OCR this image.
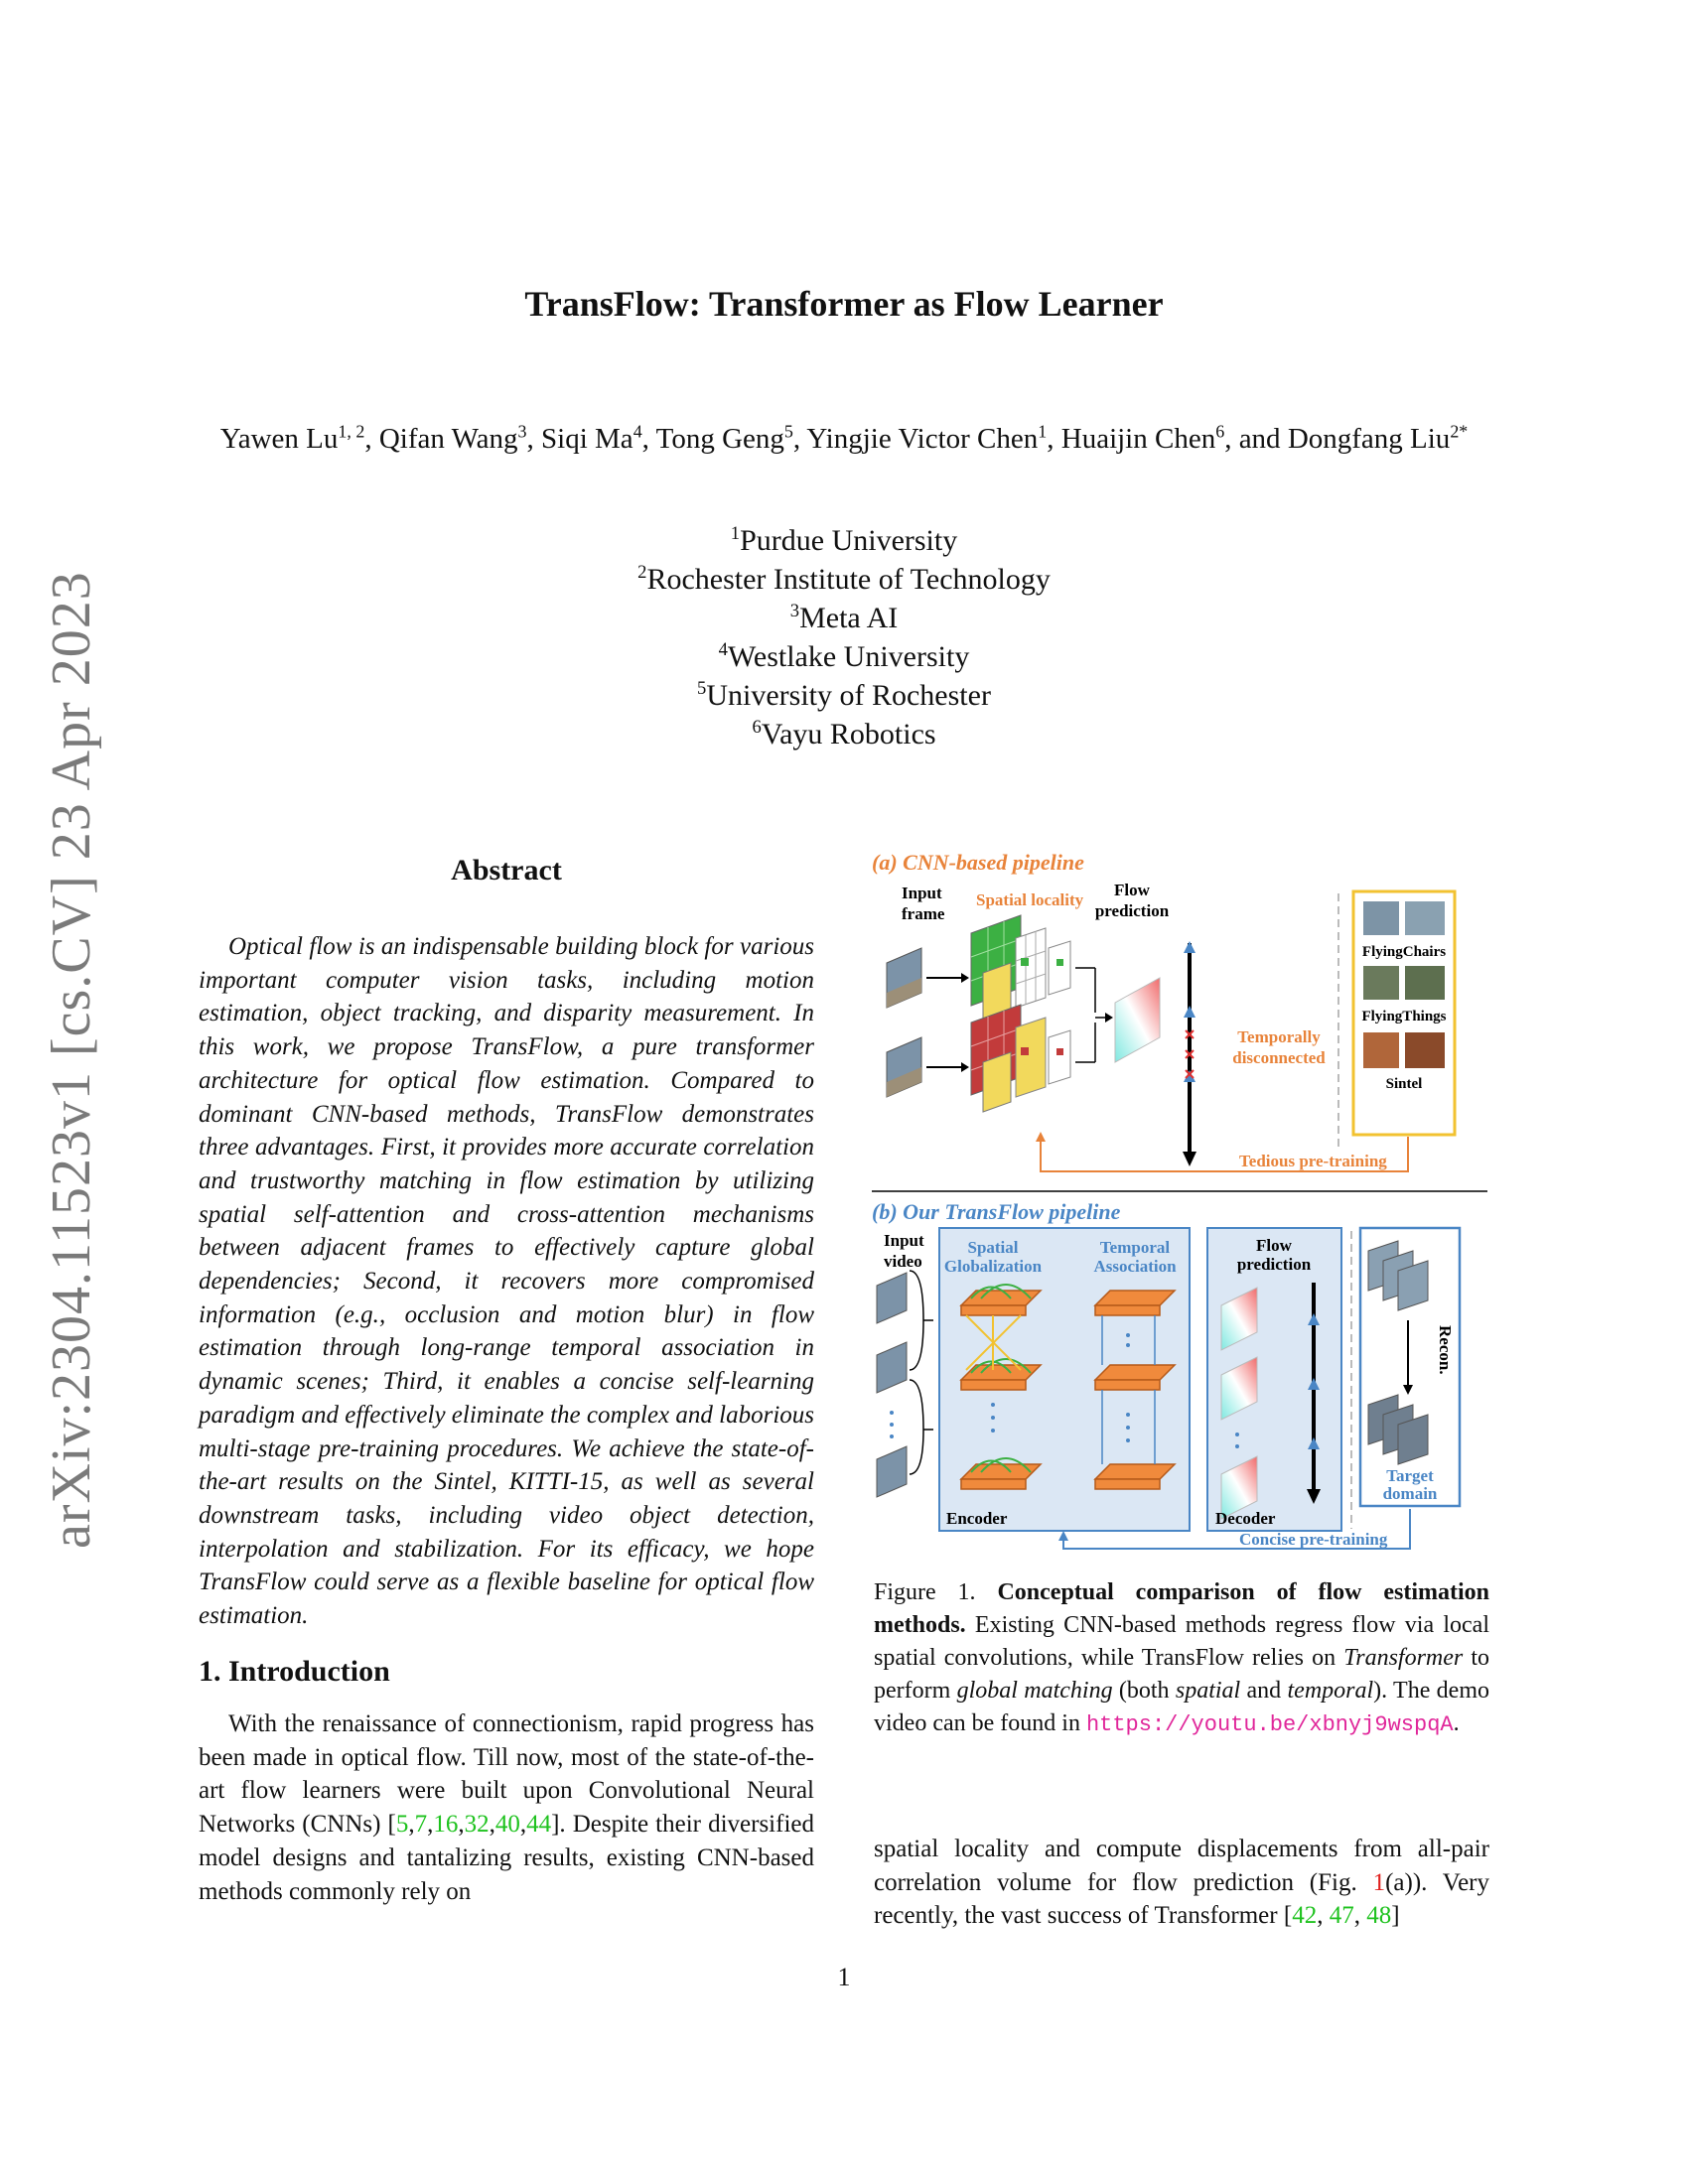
arXiv:2304.11523v1 [cs.CV] 23 Apr 2023
TransFlow: Transformer as Flow Learner
Yawen Lu$^{1, 2}$, Qifan Wang$^3$, Siqi Ma$^4$, Tong Geng$^5$, Yingjie Victor Chen$^1$, Huaijin Chen$^6$, and Dongfang Liu$^{2*}$
$^1$Purdue University
$^2$Rochester Institute of Technology
$^3$Meta AI
$^4$Westlake University
$^5$University of Rochester
$^6$Vayu Robotics
Abstract

Optical flow is an indispensable building block for various important computer vision tasks, including motion estimation, object tracking, and disparity measurement. In this work, we propose TransFlow, a pure transformer architecture for optical flow estimation. Compared to dominant CNN-based methods, TransFlow demonstrates three advantages. First, it provides more accurate correlation and trustworthy matching in flow estimation by utilizing spatial self-attention and cross-attention mechanisms between adjacent frames to effectively capture global dependencies; Second, it recovers more compromised information (e.g., occlusion and motion blur) in flow estimation through long-range temporal association in dynamic scenes; Third, it enables a concise self-learning paradigm and effectively eliminate the complex and laborious multi-stage pre-training procedures. We achieve the state-of-the-art results on the Sintel, KITTI-15, as well as several downstream tasks, including video object detection, interpolation and stabilization. For its efficacy, we hope TransFlow could serve as a flexible baseline for optical flow estimation.

1. Introduction

With the renaissance of connectionism, rapid progress has been made in optical flow. Till now, most of the state-of-the-art flow learners were built upon Convolutional Neural Networks (CNNs) [5,7,16,32,40,44]. Despite their diversified model designs and tantalizing results, existing CNN-based methods commonly rely on

(a) CNN-based pipeline
Input
frame
Spatial locality
Flow
prediction
Temporally
disconnected
FlyingChairs
FlyingThings
Sintel
Tedious pre-training
(b) Our TransFlow pipeline
Input
video
Spatial
Globalization
Temporal
Association
Encoder
Flow
prediction
Decoder
Recon.
Target
domain
Concise pre-training
Figure 1. Conceptual comparison of flow estimation methods. Existing CNN-based methods regress flow via local spatial convolutions, while TransFlow relies on Transformer to perform global matching (both spatial and temporal). The demo video can be found in https://youtu.be/xbnyj9wspqA.
spatial locality and compute displacements from all-pair correlation volume for flow prediction (Fig. 1(a)). Very recently, the vast success of Transformer [42, 47, 48]
1
